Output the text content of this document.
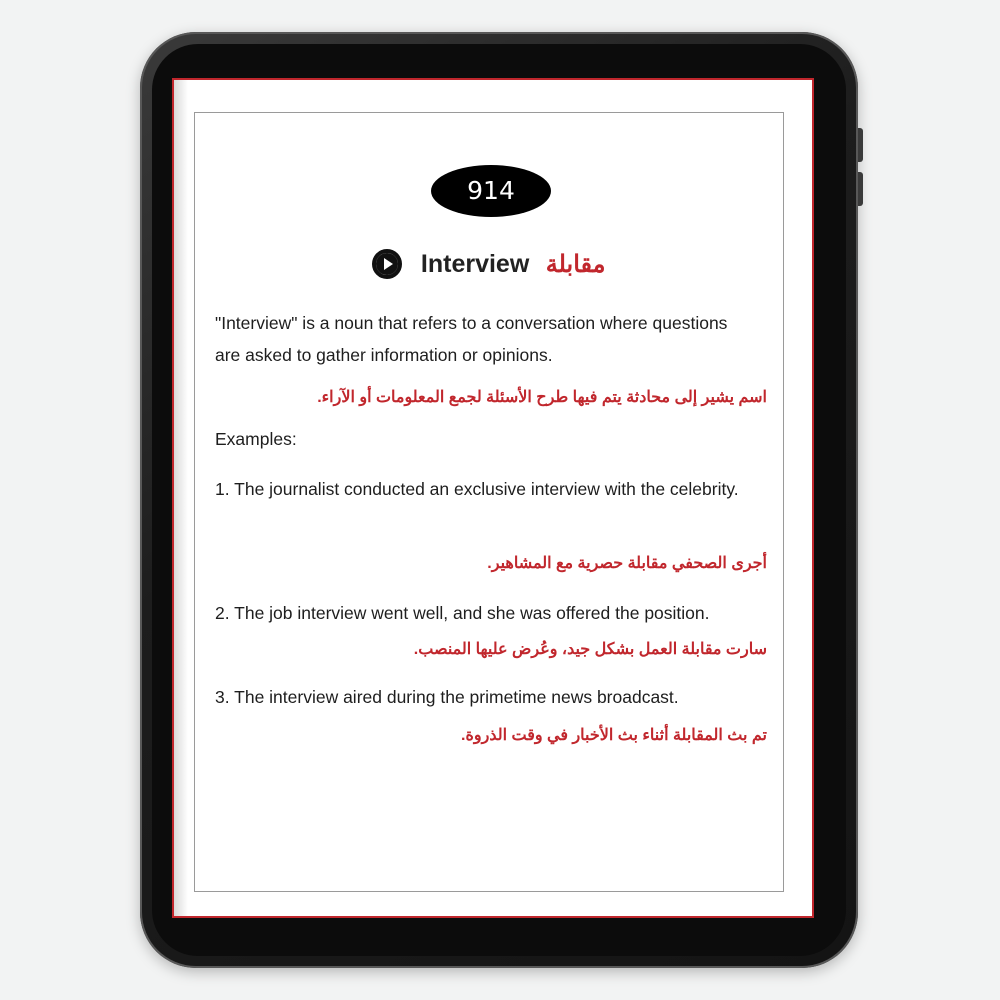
914
Interview مقابلة
"Interview" is a noun that refers to a conversation where questions are asked to gather information or opinions.
اسم يشير إلى محادثة يتم فيها طرح الأسئلة لجمع المعلومات أو الآراء.
Examples:
1. The journalist conducted an exclusive interview with the celebrity.
أجرى الصحفي مقابلة حصرية مع المشاهير.
2. The job interview went well, and she was offered the position.
سارت مقابلة العمل بشكل جيد، وعُرض عليها المنصب.
3. The interview aired during the primetime news broadcast.
تم بث المقابلة أثناء بث الأخبار في وقت الذروة.
